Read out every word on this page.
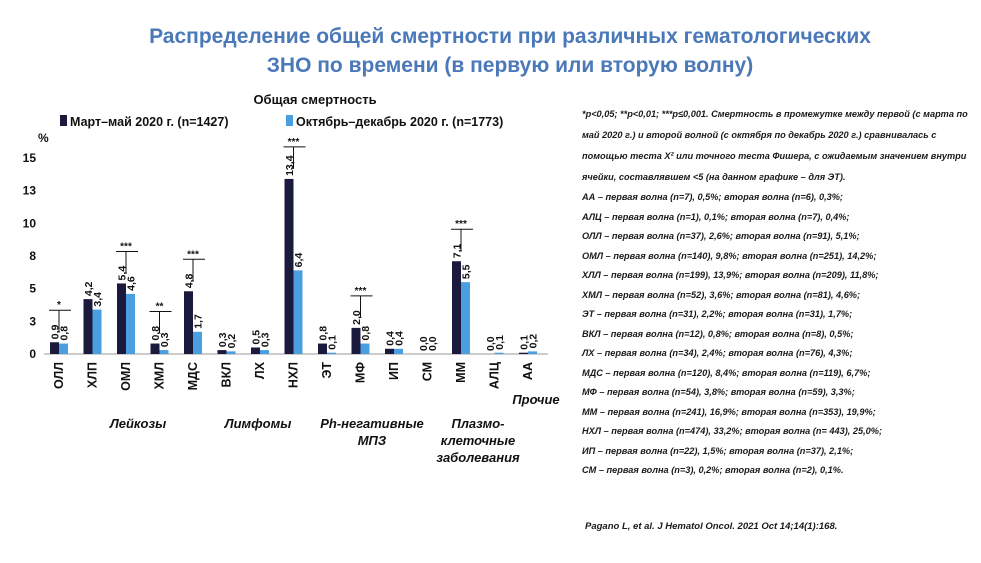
Распределение общей смертности при различных гематологических
ЗНО по времени (в первую или вторую волну)
Общая смертность
Март–май 2020 г. (n=1427)	Октябрь–декабрь 2020 г. (n=1773)
%
0
3
5
8
10
13
15
0,9
0,8
4,2
3,4
5,4
4,6
0,8
0,3
4,8
1,7
0,3
0,2 0,5
0,3
13,4
6,4
0,8
0,1
2,0
0,8 0,4
0,4 0,0
0,0
7,1
5,5
0,0
0,1 0,1
0,2
*
***
**
***
***
***
***
ОЛЛ ХЛП ОМЛ ХМЛ МДС ВКЛ ЛХ НХЛ ЭТ МФ ИП СМ ММ АЛЦ АА
Лейкозы	Лимфомы Ph-негативные МПЗ
Плазмо-клеточные заболевания
Прочие
*p<0,05; **p<0,01; ***p≤0,001. Смертность в промежутке между первой (с марта по май 2020 г.) и второй волной (с октября по декабрь 2020 г.) сравнивалась с помощью теста Χ² или точного теста Фишера, с ожидаемым значением внутри ячейки, составлявшем <5 (на данном графике – для ЭТ).
АА – первая волна (n=7), 0,5%; вторая волна (n=6), 0,3%;
АЛЦ – первая волна (n=1), 0,1%; вторая волна (n=7), 0,4%;
ОЛЛ – первая волна (n=37), 2,6%; вторая волна (n=91), 5,1%;
ОМЛ – первая волна (n=140), 9,8%; вторая волна (n=251), 14,2%;
ХЛЛ – первая волна (n=199), 13,9%; вторая волна (n=209), 11,8%;
ХМЛ – первая волна (n=52), 3,6%; вторая волна (n=81), 4,6%;
ЭТ – первая волна (n=31), 2,2%; вторая волна (n=31), 1,7%;
ВКЛ – первая волна (n=12), 0,8%; вторая волна (n=8), 0,5%;
ЛХ – первая волна (n=34), 2,4%; вторая волна (n=76), 4,3%;
МДС – первая волна (n=120), 8,4%; вторая волна (n=119), 6,7%;
МФ – первая волна (n=54), 3,8%; вторая волна (n=59), 3,3%;
ММ – первая волна (n=241), 16,9%; вторая волна (n=353), 19,9%;
НХЛ – первая волна (n=474), 33,2%; вторая волна (n= 443), 25,0%;
ИП – первая волна (n=22), 1,5%; вторая волна (n=37), 2,1%;
СМ – первая волна (n=3), 0,2%; вторая волна (n=2), 0,1%.
Pagano L, et al. J Hematol Oncol. 2021 Oct 14;14(1):168.
